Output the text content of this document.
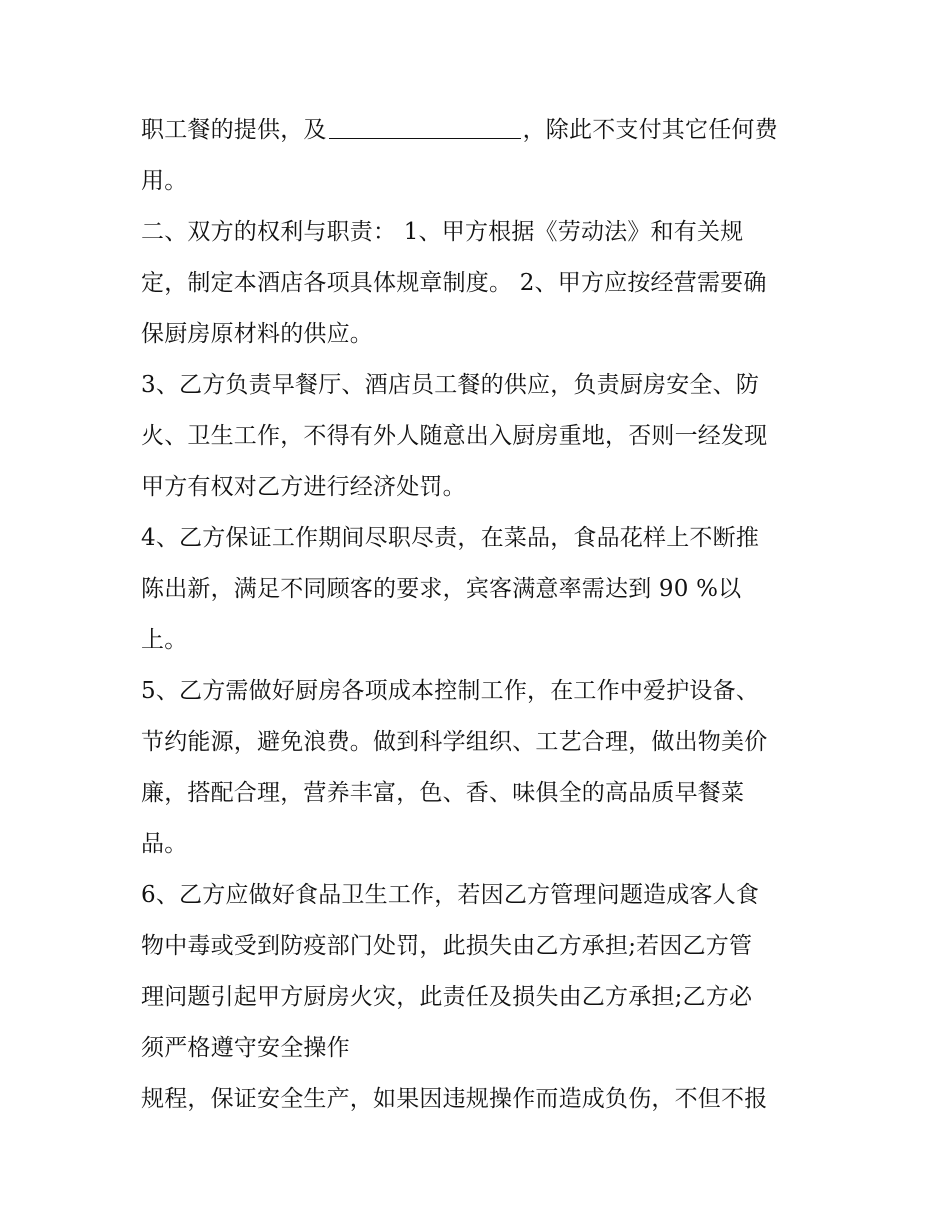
职工餐的提供，及	，除此不支付其它任何费
用。
二、双方的权利与职责： 1、甲方根据《劳动法》和有关规
定，制定本酒店各项具体规章制度。 2、甲方应按经营需要确
保厨房原材料的供应。
3、乙方负责早餐厅、酒店员工餐的供应，负责厨房安全、防
火、卫生工作，不得有外人随意出入厨房重地，否则一经发现
甲方有权对乙方进行经济处罚。
4、乙方保证工作期间尽职尽责，在菜品，食品花样上不断推
陈出新，满足不同顾客的要求，宾客满意率需达到 90 %以
上。
5、乙方需做好厨房各项成本控制工作，在工作中爱护设备、
节约能源，避免浪费。做到科学组织、工艺合理，做出物美价
廉，搭配合理，营养丰富，色、香、味俱全的高品质早餐菜
品。
6、乙方应做好食品卫生工作，若因乙方管理问题造成客人食
物中毒或受到防疫部门处罚，此损失由乙方承担;若因乙方管
理问题引起甲方厨房火灾，此责任及损失由乙方承担;乙方必
须严格遵守安全操作
规程，保证安全生产，如果因违规操作而造成负伤，不但不报
